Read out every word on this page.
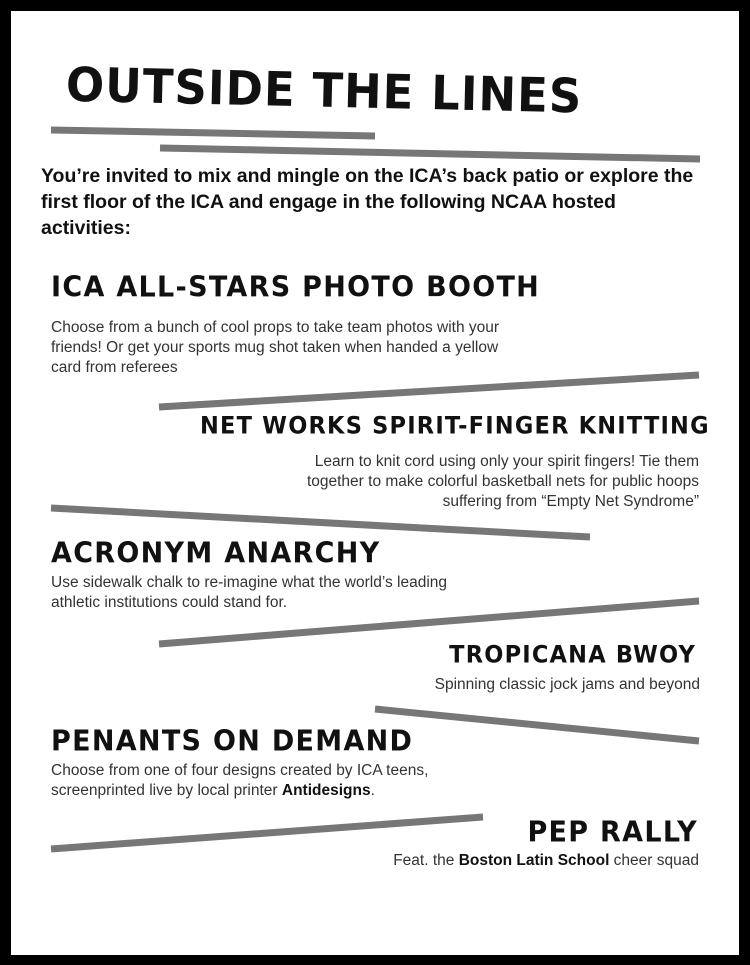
OUTSIDE THE LINES
You’re invited to mix and mingle on the ICA’s back patio or explore the first floor of the ICA and engage in the following NCAA hosted activities:
ICA ALL-STARS PHOTO BOOTH
Choose from a bunch of cool props to take team photos with your friends! Or get your sports mug shot taken when handed a yellow card from referees
NET WORKS SPIRIT-FINGER KNITTING
Learn to knit cord using only your spirit fingers! Tie them together to make colorful basketball nets for public hoops suffering from “Empty Net Syndrome”
ACRONYM ANARCHY
Use sidewalk chalk to re-imagine what the world’s leading athletic institutions could stand for.
TROPICANA BWOY
Spinning classic jock jams and beyond
PENANTS ON DEMAND
Choose from one of four designs created by ICA teens, screenprinted live by local printer Antidesigns.
PEP RALLY
Feat. the Boston Latin School cheer squad
